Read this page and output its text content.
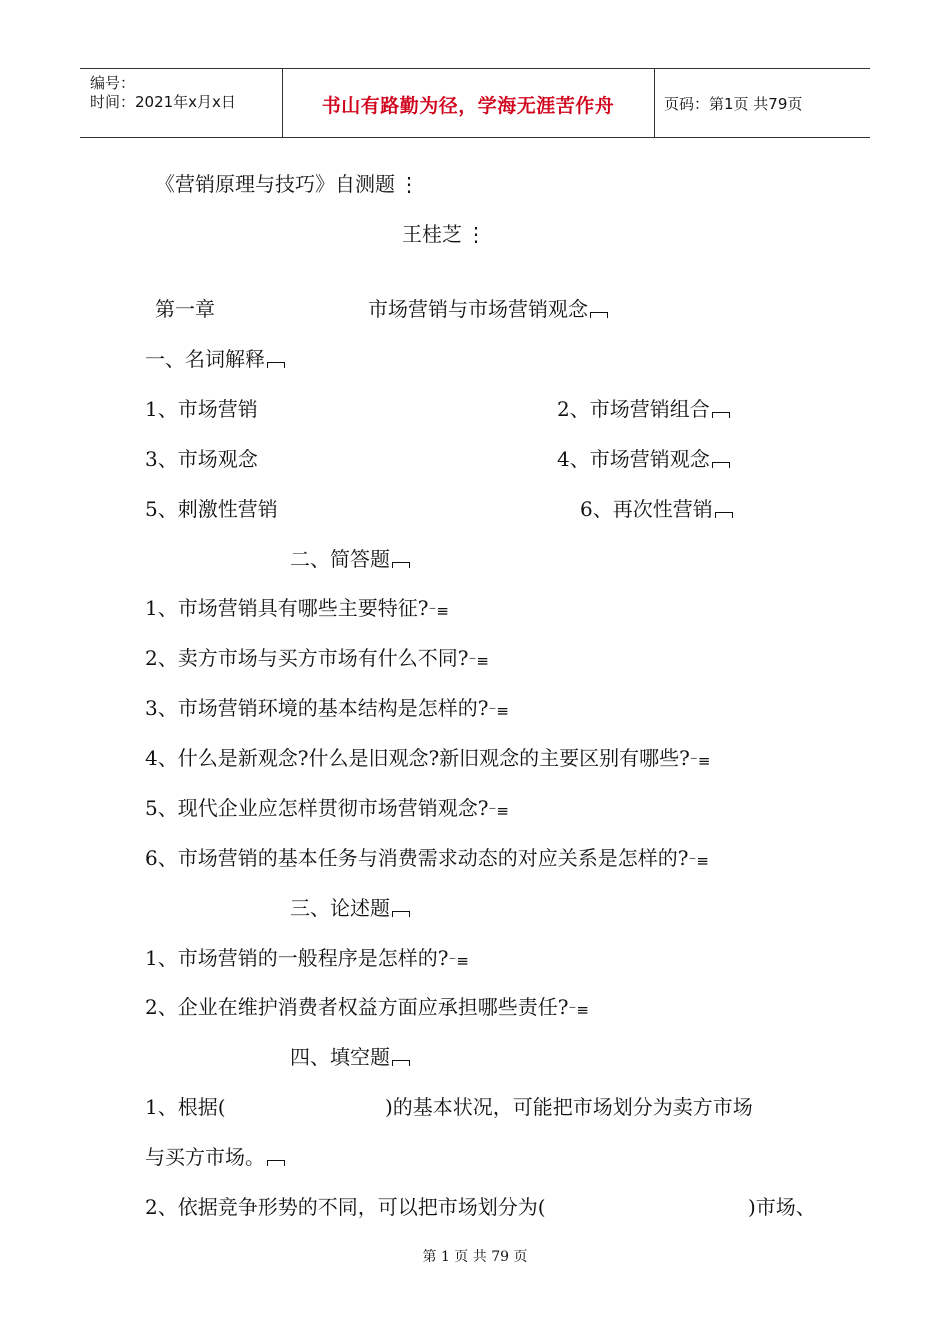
编号：
时间：2021年x月x日	书山有路勤为径，学海无涯苦作舟	页码：第1页 共79页
《营销原理与技巧》自测题 ⋮
王桂芝 ⋮
第一章	市场营销与市场营销观念
一、名词解释
1、市场营销	2、市场营销组合
3、市场观念	4、市场营销观念
5、刺激性营销	6、再次性营销
二、简答题
1、市场营销具有哪些主要特征?⁻≡
2、卖方市场与买方市场有什么不同?⁻≡
3、市场营销环境的基本结构是怎样的?⁻≡
4、什么是新观念?什么是旧观念?新旧观念的主要区别有哪些?⁻≡
5、现代企业应怎样贯彻市场营销观念?⁻≡
6、市场营销的基本任务与消费需求动态的对应关系是怎样的?⁻≡
三、论述题
1、市场营销的一般程序是怎样的?⁻≡
2、企业在维护消费者权益方面应承担哪些责任?⁻≡
四、填空题
1、根据(	)的基本状况，可能把市场划分为卖方市场
与买方市场。
2、依据竞争形势的不同，可以把市场划分为(	)市场、
第 1 页 共 79 页
